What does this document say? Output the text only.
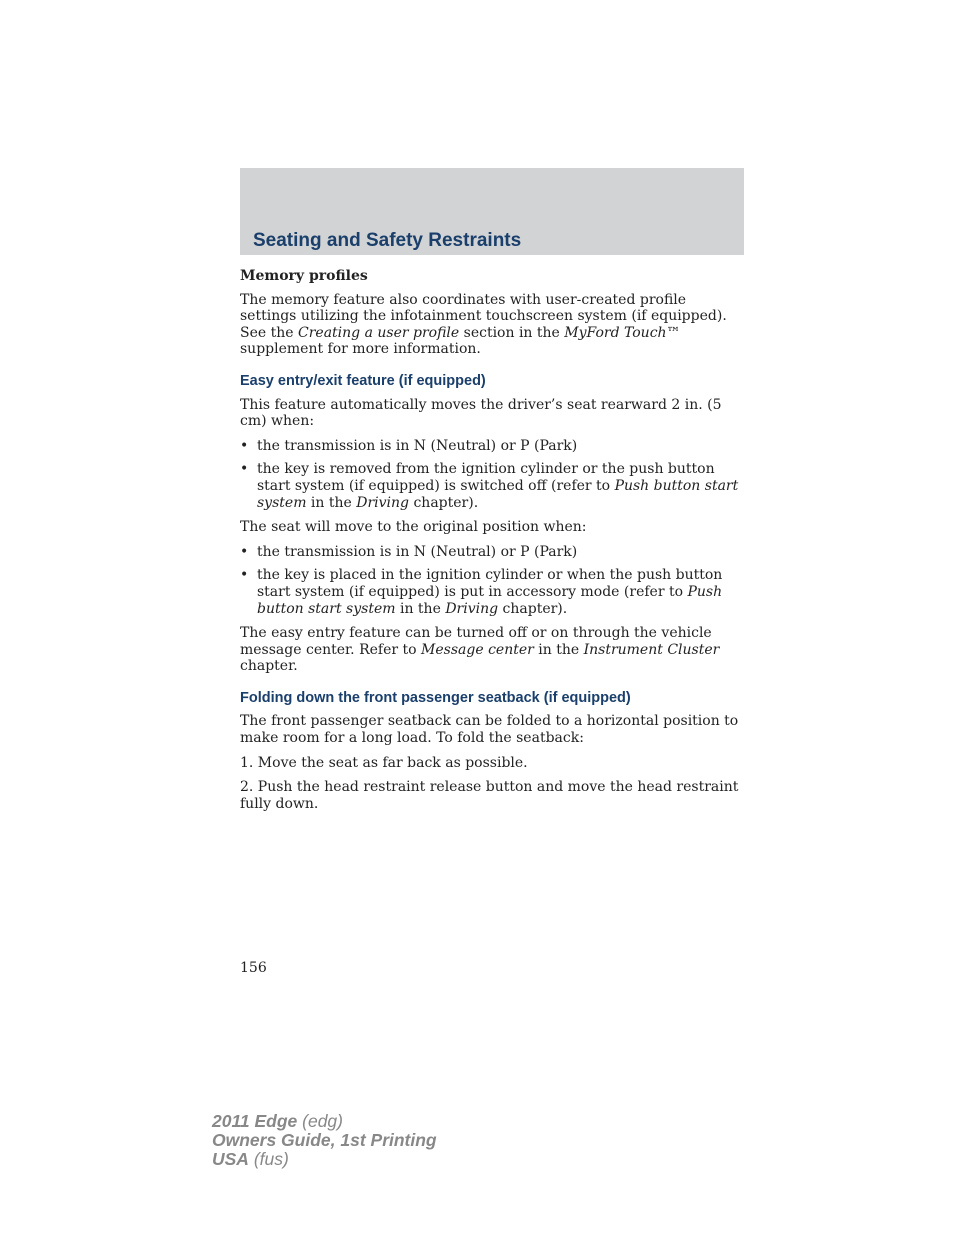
Seating and Safety Restraints
Memory profiles

The memory feature also coordinates with user-created profile settings utilizing the infotainment touchscreen system (if equipped). See the Creating a user profile section in the MyFord Touch™ supplement for more information.

Easy entry/exit feature (if equipped)

This feature automatically moves the driver’s seat rearward 2 in. (5 cm) when:

• the transmission is in N (Neutral) or P (Park)
• the key is removed from the ignition cylinder or the push button start system (if equipped) is switched off (refer to Push button start system in the Driving chapter).

The seat will move to the original position when:

• the transmission is in N (Neutral) or P (Park)
• the key is placed in the ignition cylinder or when the push button start system (if equipped) is put in accessory mode (refer to Push button start system in the Driving chapter).

The easy entry feature can be turned off or on through the vehicle message center. Refer to Message center in the Instrument Cluster chapter.

Folding down the front passenger seatback (if equipped)

The front passenger seatback can be folded to a horizontal position to make room for a long load. To fold the seatback:

1. Move the seat as far back as possible.

2. Push the head restraint release button and move the head restraint fully down.

156
2011 Edge (edg)
Owners Guide, 1st Printing
USA (fus)
